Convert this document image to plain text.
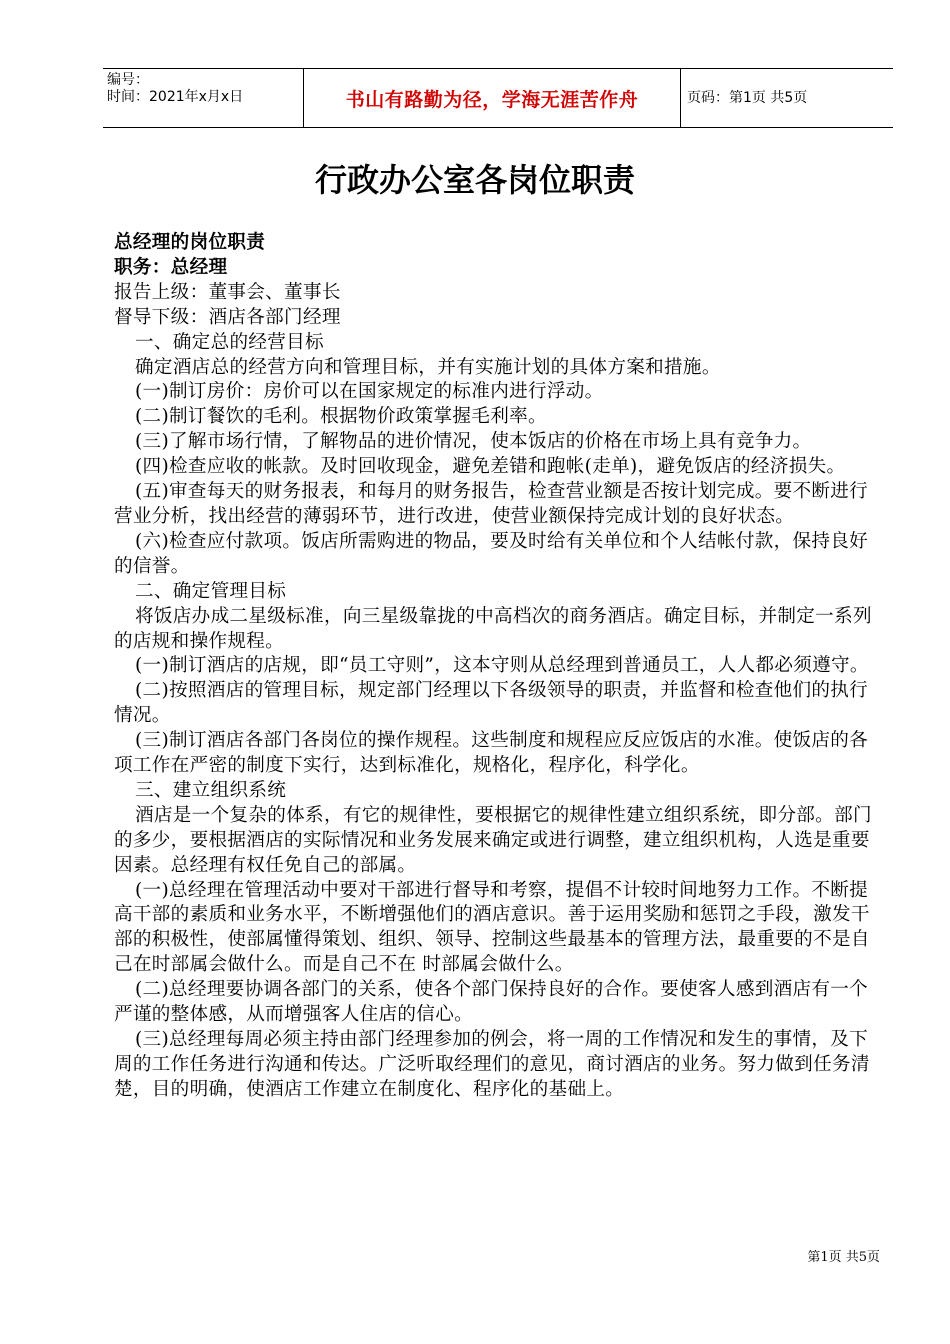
编号：
时间：2021年x月x日	书山有路勤为径，学海无涯苦作舟	页码：第1页 共5页
行政办公室各岗位职责

总经理的岗位职责

职务：总经理

报告上级：董事会、董事长

督导下级：酒店各部门经理

一、确定总的经营目标

确定酒店总的经营方向和管理目标，并有实施计划的具体方案和措施。

(一)制订房价：房价可以在国家规定的标准内进行浮动。

(二)制订餐饮的毛利。根据物价政策掌握毛利率。

(三)了解市场行情，了解物品的进价情况，使本饭店的价格在市场上具有竞争力。

(四)检查应收的帐款。及时回收现金，避免差错和跑帐(走单)，避免饭店的经济损失。

(五)审查每天的财务报表，和每月的财务报告，检查营业额是否按计划完成。要不断进行营业分析，找出经营的薄弱环节，进行改进，使营业额保持完成计划的良好状态。

(六)检查应付款项。饭店所需购进的物品，要及时给有关单位和个人结帐付款，保持良好的信誉。

二、确定管理目标

将饭店办成二星级标准，向三星级靠拢的中高档次的商务酒店。确定目标，并制定一系列的店规和操作规程。

(一)制订酒店的店规，即“员工守则”，这本守则从总经理到普通员工，人人都必须遵守。

(二)按照酒店的管理目标，规定部门经理以下各级领导的职责，并监督和检查他们的执行情况。

(三)制订酒店各部门各岗位的操作规程。这些制度和规程应反应饭店的水准。使饭店的各项工作在严密的制度下实行，达到标准化，规格化，程序化，科学化。

三、建立组织系统

酒店是一个复杂的体系，有它的规律性，要根据它的规律性建立组织系统，即分部。部门的多少，要根据酒店的实际情况和业务发展来确定或进行调整，建立组织机构，人选是重要因素。总经理有权任免自己的部属。

(一)总经理在管理活动中要对干部进行督导和考察，提倡不计较时间地努力工作。不断提高干部的素质和业务水平，不断增强他们的酒店意识。善于运用奖励和惩罚之手段，激发干部的积极性，使部属懂得策划、组织、领导、控制这些最基本的管理方法，最重要的不是自己在时部属会做什么。而是自己不在 时部属会做什么。

(二)总经理要协调各部门的关系，使各个部门保持良好的合作。要使客人感到酒店有一个严谨的整体感，从而增强客人住店的信心。

(三)总经理每周必须主持由部门经理参加的例会，将一周的工作情况和发生的事情，及下周的工作任务进行沟通和传达。广泛听取经理们的意见，商讨酒店的业务。努力做到任务清楚，目的明确，使酒店工作建立在制度化、程序化的基础上。

第1页 共5页
